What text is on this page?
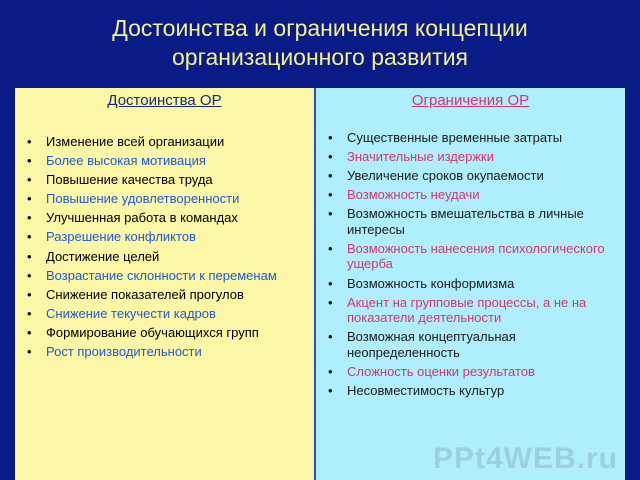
Достоинства и ограничения концепции
организационного развития
Достоинства ОР
•	Изменение всей организации
•	Более высокая мотивация
•	Повышение качества труда
•	Повышение удовлетворенности
•	Улучшенная работа в командах
•	Разрешение конфликтов
•	Достижение целей
•	Возрастание склонности к переменам
•	Снижение показателей прогулов
•	Снижение текучести кадров
•	Формирование обучающихся групп
•	Рост производительности
Ограничения ОР
•	Существенные временные затраты
•	Значительные издержки
•	Увеличение сроков окупаемости
•	Возможность неудачи
•	Возможность вмешательства в личные интересы
•	Возможность нанесения психологического ущерба
•	Возможность конформизма
•	Акцент на групповые процессы, а не на показатели деятельности
•	Возможная концептуальная неопределенность
•	Сложность оценки результатов
•	Несовместимость культур
PPt4WEB.ru
